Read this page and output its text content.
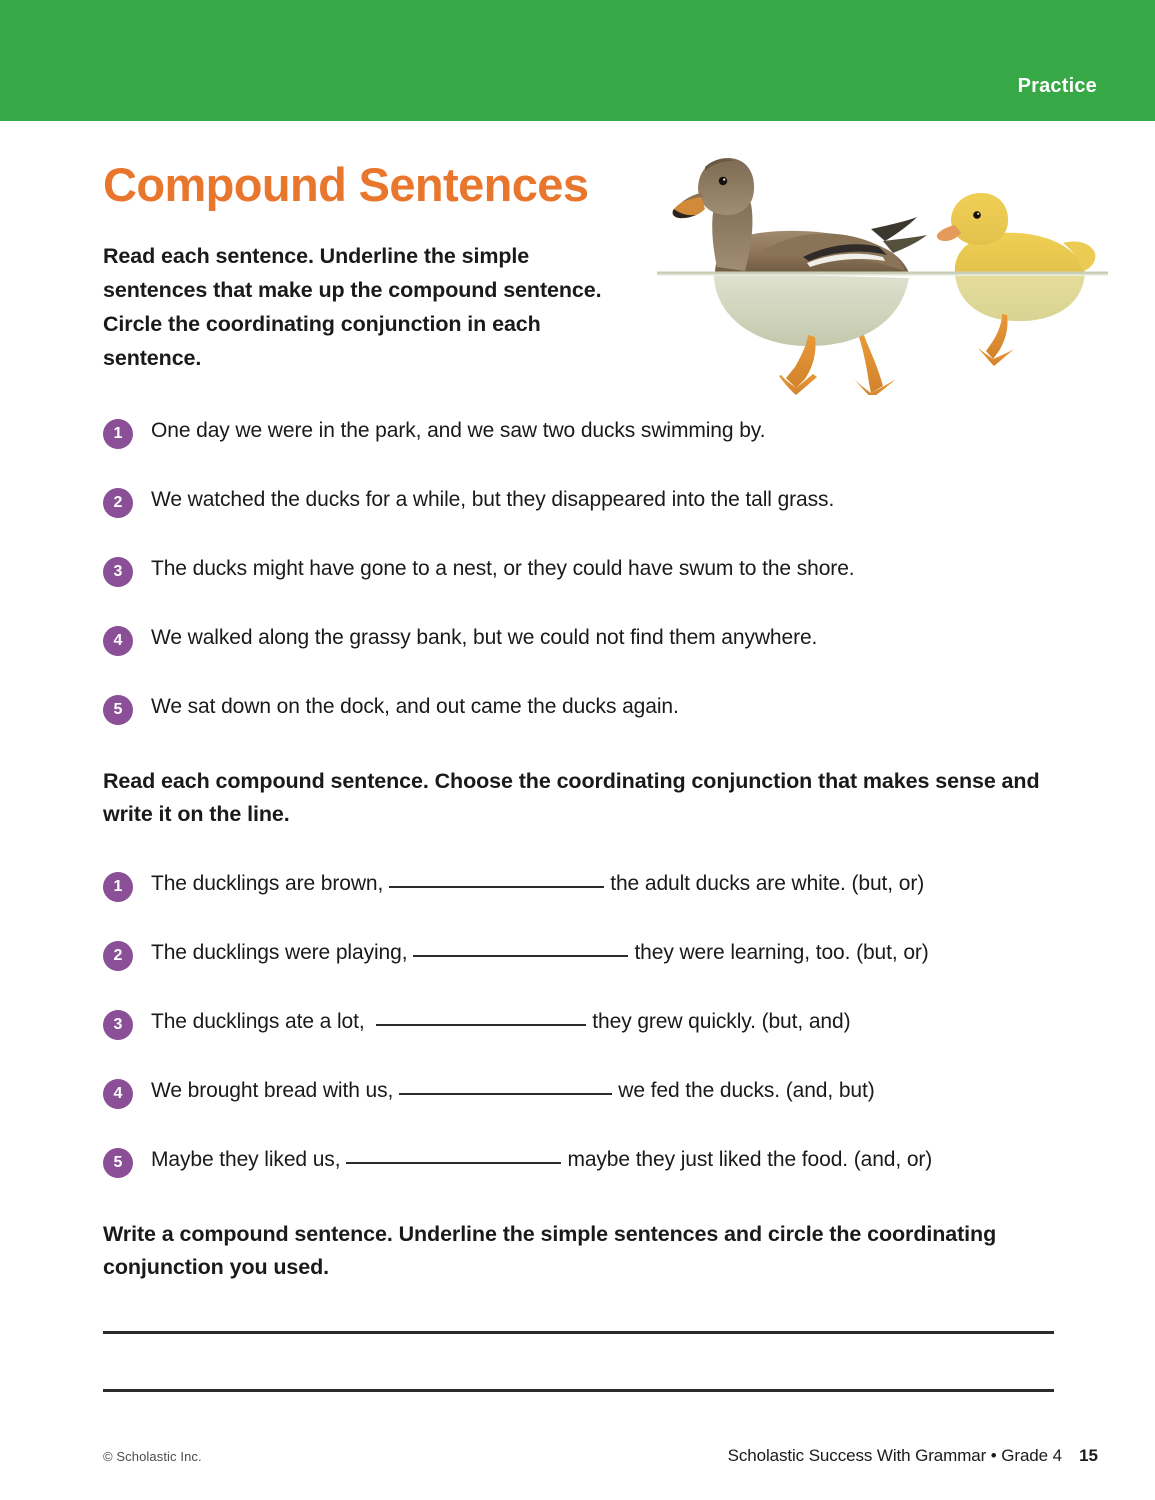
Practice
Compound Sentences
Read each sentence. Underline the simple sentences that make up the compound sentence. Circle the coordinating conjunction in each sentence.
1	One day we were in the park, and we saw two ducks swimming by.
2	We watched the ducks for a while, but they disappeared into the tall grass.
3	The ducks might have gone to a nest, or they could have swum to the shore.
4	We walked along the grassy bank, but we could not find them anywhere.
5	We sat down on the dock, and out came the ducks again.
Read each compound sentence. Choose the coordinating conjunction that makes sense and write it on the line.
1	The ducklings are brown,	the adult ducks are white. (but, or)
2	The ducklings were playing,	they were learning, too. (but, or)
3	The ducklings ate a lot,	they grew quickly. (but, and)
4	We brought bread with us,	we fed the ducks. (and, but)
5	Maybe they liked us,	maybe they just liked the food. (and, or)
Write a compound sentence. Underline the simple sentences and circle the coordinating conjunction you used.
© Scholastic Inc.	Scholastic Success With Grammar • Grade 4 15
